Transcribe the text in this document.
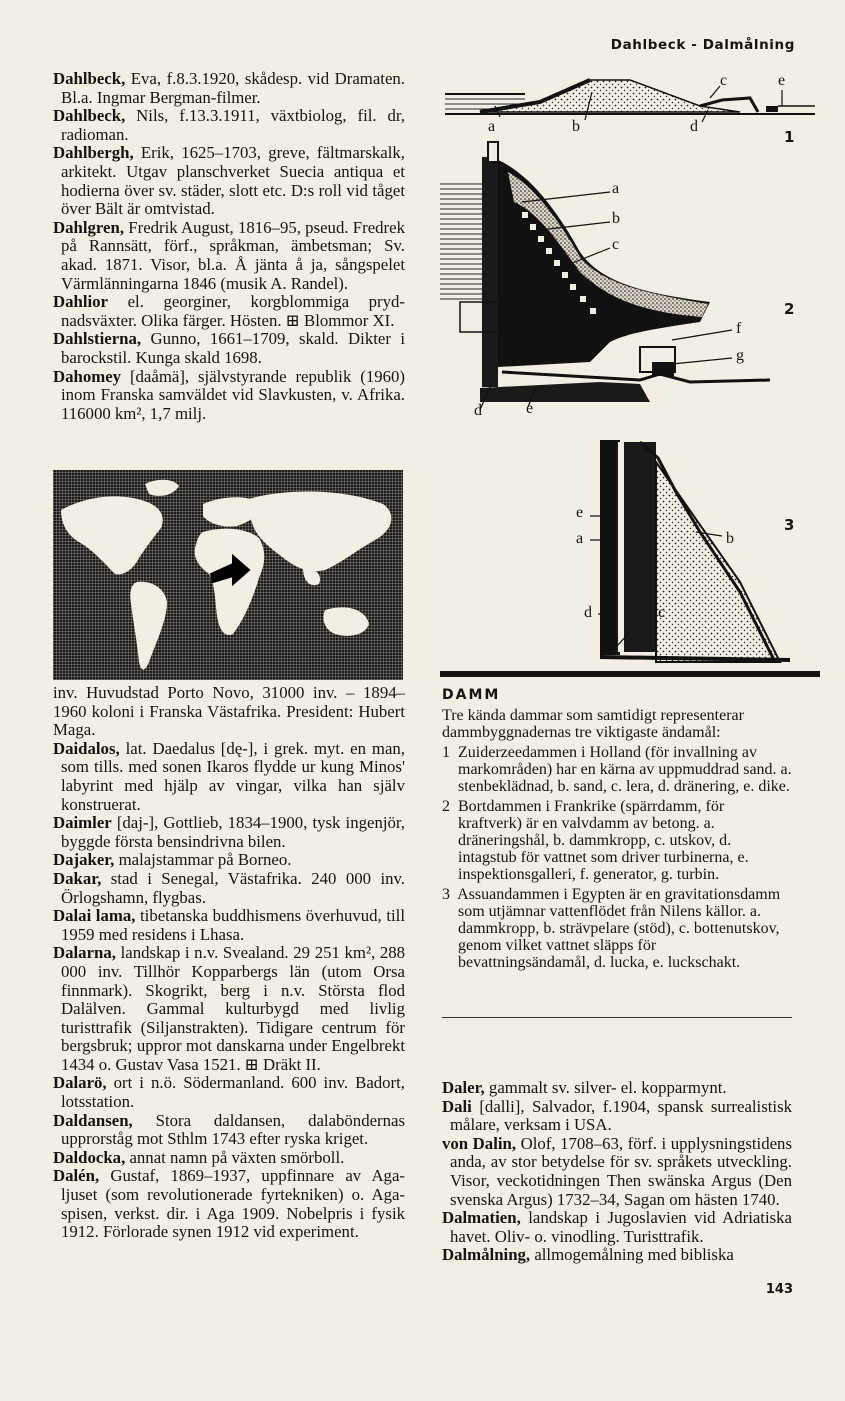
Dahlbeck - Dalmålning

Dahlbeck, Eva, f.8.3.1920, skådesp. vid Dramaten. Bl.a. Ingmar Bergman-filmer.

Dahlbeck, Nils, f.13.3.1911, växtbiolog, fil. dr, radioman.

Dahlbergh, Erik, 1625–1703, greve, fältmarskalk, arkitekt. Utgav planschverket Suecia antiqua et hodierna över sv. städer, slott etc. D:s roll vid tåget över Bält är omtvistad.

Dahlgren, Fredrik August, 1816–95, pseud. Fredrek på Rannsätt, förf., språkman, ämbetsman; Sv. akad. 1871. Visor, bl.a. Å jänta å ja, sångspelet Värmlänningarna 1846 (musik A. Randel).

Dahlior el. georginer, korgblommiga pryd-nadsväxter. Olika färger. Hösten. ⊞ Blommor XI.

Dahlstierna, Gunno, 1661–1709, skald. Dikter i barockstil. Kunga skald 1698.

Dahomey [daåmä], självstyrande republik (1960) inom Franska samväldet vid Slavkusten, v. Afrika. 116000 km², 1,7 milj.

inv. Huvudstad Porto Novo, 31000 inv. – 1894–1960 koloni i Franska Västafrika. President: Hubert Maga.

Daidalos, lat. Daedalus [dę-], i grek. myt. en man, som tills. med sonen Ikaros flydde ur kung Minos' labyrint med hjälp av vingar, vilka han själv konstruerat.

Daimler [daj-], Gottlieb, 1834–1900, tysk ingenjör, byggde första bensindrivna bilen.

Dajaker, malajstammar på Borneo.

Dakar, stad i Senegal, Västafrika. 240 000 inv. Örlogshamn, flygbas.

Dalai lama, tibetanska buddhismens överhuvud, till 1959 med residens i Lhasa.

Dalarna, landskap i n.v. Svealand. 29 251 km², 288 000 inv. Tillhör Kopparbergs län (utom Orsa finnmark). Skogrikt, berg i n.v. Största flod Dalälven. Gammal kulturbygd med livlig turisttrafik (Siljanstrakten). Tidigare centrum för bergsbruk; uppror mot danskarna under Engelbrekt 1434 o. Gustav Vasa 1521. ⊞ Dräkt II.

Dalarö, ort i n.ö. Södermanland. 600 inv. Badort, lotsstation.

Daldansen, Stora daldansen, dalaböndernas upprorståg mot Sthlm 1743 efter ryska kriget.

Daldocka, annat namn på växten smörboll.

Dalén, Gustaf, 1869–1937, uppfinnare av Aga-ljuset (som revolutionerade fyrtekniken) o. Aga-spisen, verkst. dir. i Aga 1909. Nobelpris i fysik 1912. Förlorade synen 1912 vid experiment.

1
2
3
a	b
c
d
e
a
b
c
d	e
f
g
e
a	b
d	c
DAMM

Tre kända dammar som samtidigt representerar dammbyggnadernas tre viktigaste ändamål:

1 Zuiderzeedammen i Holland (för invallning av markområden) har en kärna av uppmuddrad sand. a. stenbeklädnad, b. sand, c. lera, d. dränering, e. dike.

2 Bortdammen i Frankrike (spärrdamm, för kraftverk) är en valvdamm av betong. a. dräneringshål, b. dammkropp, c. utskov, d. intagstub för vattnet som driver turbinerna, e. inspektionsgalleri, f. generator, g. turbin.

3 Assuandammen i Egypten är en gravitationsdamm som utjämnar vattenflödet från Nilens källor. a. dammkropp, b. strävpelare (stöd), c. bottenutskov, genom vilket vattnet släpps för bevattningsändamål, d. lucka, e. luckschakt.

Daler, gammalt sv. silver- el. kopparmynt.

Dali [dalli], Salvador, f.1904, spansk surrealistisk målare, verksam i USA.

von Dalin, Olof, 1708–63, förf. i upplysningstidens anda, av stor betydelse för sv. språkets utveckling. Visor, veckotidningen Then swänska Argus (Den svenska Argus) 1732–34, Sagan om hästen 1740.

Dalmatien, landskap i Jugoslavien vid Adriatiska havet. Oliv- o. vinodling. Turisttrafik.

Dalmålning, allmogemålning med bibliska

143
